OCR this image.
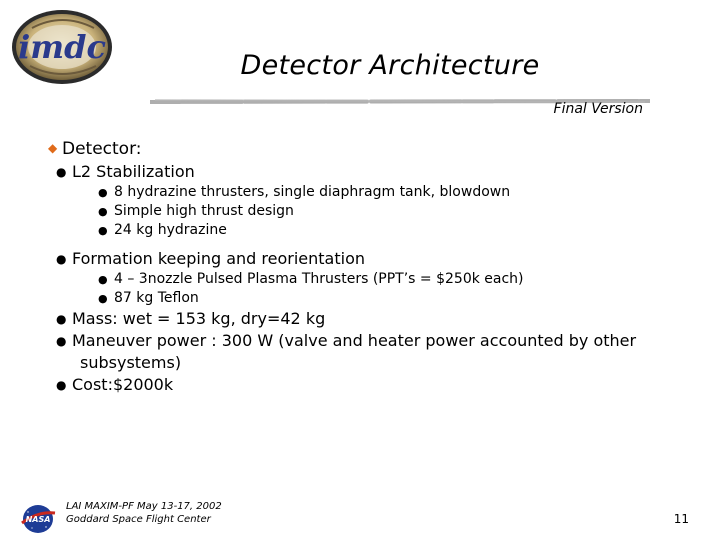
imdc	Detector Architecture
Final Version
◆ Detector:
● L2 Stabilization
● 8 hydrazine thrusters, single diaphragm tank, blowdown
● Simple high thrust design
● 24 kg hydrazine
● Formation keeping and reorientation
● 4 – 3nozzle Pulsed Plasma Thrusters (PPT’s = $250k each)
● 87 kg Teflon
● Mass: wet = 153 kg, dry=42 kg
● Maneuver power : 300 W (valve and heater power accounted by other
subsystems)
● Cost:$2000k
NASA
LAI MAXIM-PF May 13-17, 2002
Goddard Space Flight Center	11
